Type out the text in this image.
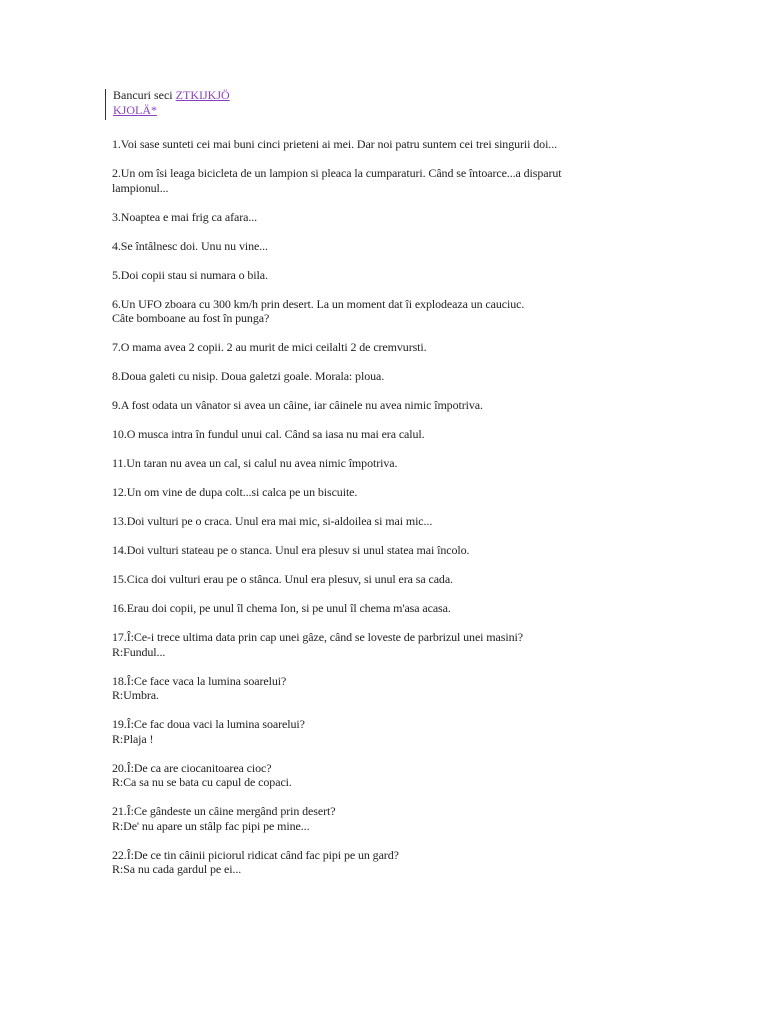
Bancuri seci ZTKIJKJÖ
KJOLÄ*

1.Voi sase sunteti cei mai buni cinci prieteni ai mei. Dar noi patru suntem cei trei singurii doi...

2.Un om îsi leaga bicicleta de un lampion si pleaca la cumparaturi. Când se întoarce...a disparut
lampionul...

3.Noaptea e mai frig ca afara...

4.Se întâlnesc doi. Unu nu vine...

5.Doi copii stau si numara o bila.

6.Un UFO zboara cu 300 km/h prin desert. La un moment dat îi explodeaza un cauciuc.
Câte bomboane au fost în punga?

7.O mama avea 2 copii. 2 au murit de mici ceilalti 2 de cremvursti.

8.Doua galeti cu nisip. Doua galetzi goale. Morala: ploua.

9.A fost odata un vânator si avea un câine, iar câinele nu avea nimic împotriva.

10.O musca intra în fundul unui cal. Când sa iasa nu mai era calul.

11.Un taran nu avea un cal, si calul nu avea nimic împotriva.

12.Un om vine de dupa colt...si calca pe un biscuite.

13.Doi vulturi pe o craca. Unul era mai mic, si-aldoilea si mai mic...

14.Doi vulturi stateau pe o stanca. Unul era plesuv si unul statea mai încolo.

15.Cica doi vulturi erau pe o stânca. Unul era plesuv, si unul era sa cada.

16.Erau doi copii, pe unul îl chema Ion, si pe unul îl chema m'asa acasa.

17.Î:Ce-i trece ultima data prin cap unei gâze, când se loveste de parbrizul unei masini?
R:Fundul...

18.Î:Ce face vaca la lumina soarelui?
R:Umbra.

19.Î:Ce fac doua vaci la lumina soarelui?
R:Plaja !

20.Î:De ca are ciocanitoarea cioc?
R:Ca sa nu se bata cu capul de copaci.

21.Î:Ce gândeste un câine mergând prin desert?
R:De' nu apare un stâlp fac pipi pe mine...

22.Î:De ce tin câinii piciorul ridicat când fac pipi pe un gard?
R:Sa nu cada gardul pe ei...
